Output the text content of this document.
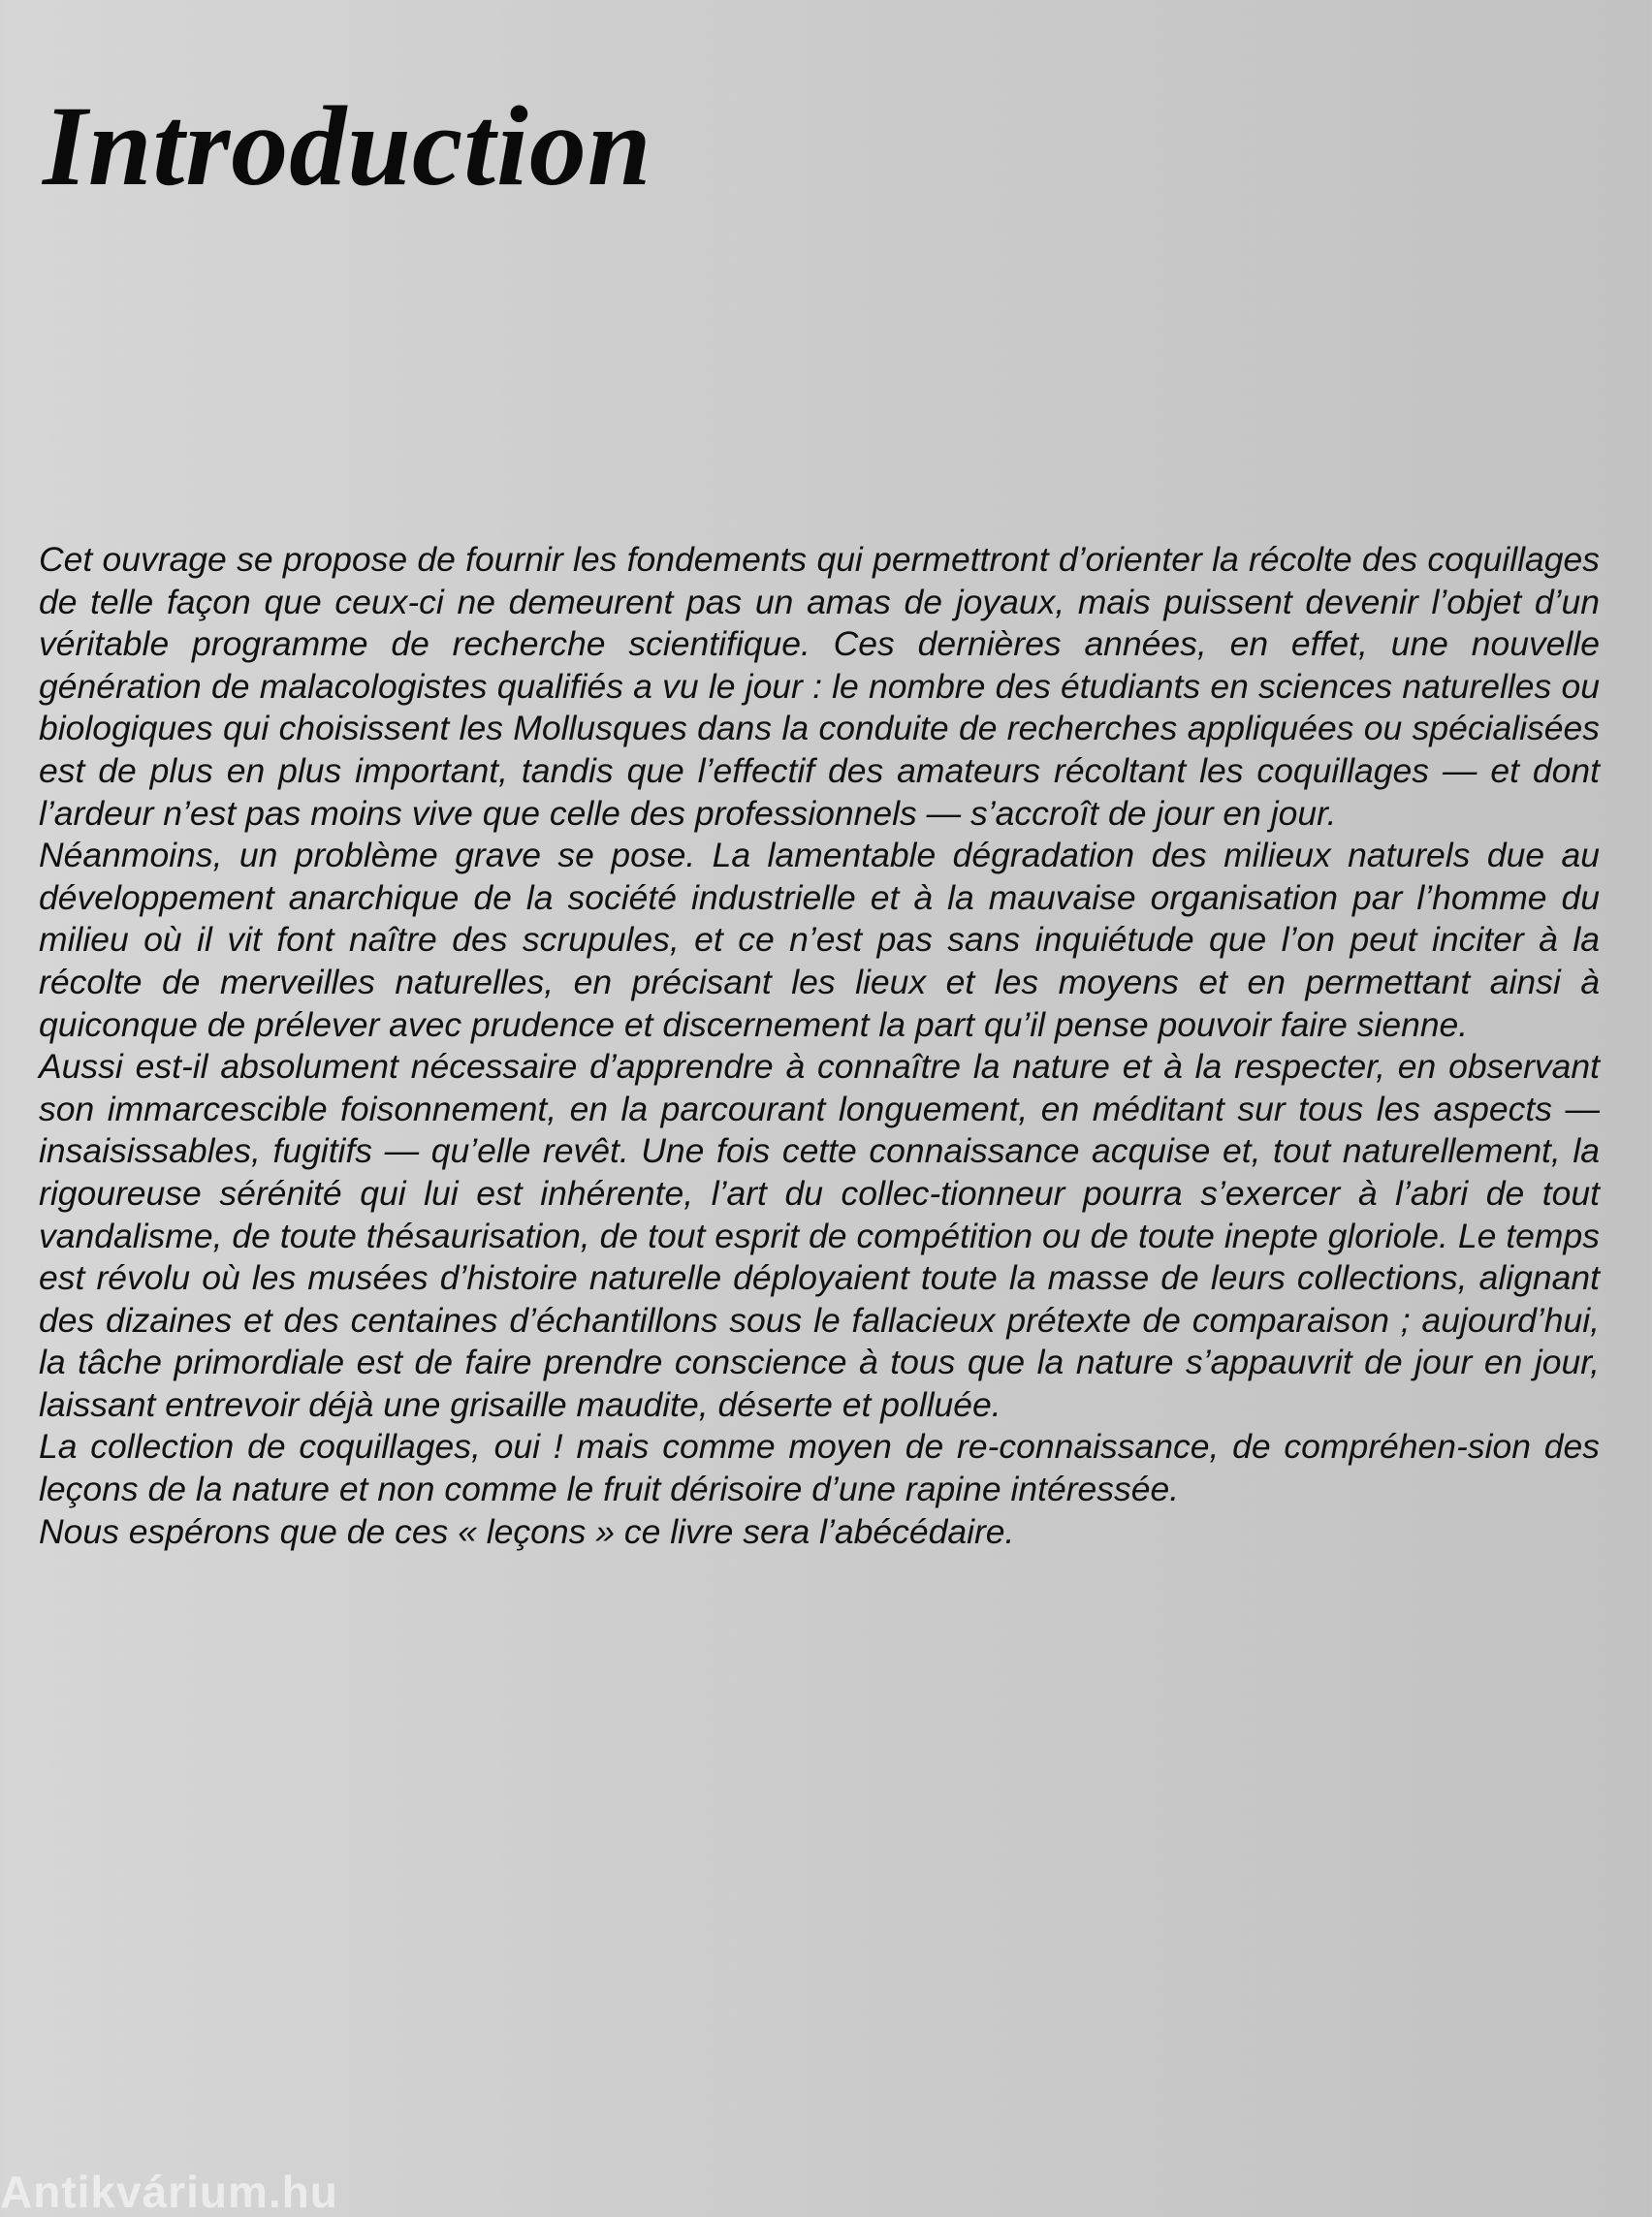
Introduction

Cet ouvrage se propose de fournir les fondements qui permettront d’orienter la récolte des coquillages de telle façon que ceux-ci ne demeurent pas un amas de joyaux, mais puissent devenir l’objet d’un véritable programme de recherche scientifique. Ces dernières années, en effet, une nouvelle génération de malacologistes qualifiés a vu le jour : le nombre des étudiants en sciences naturelles ou biologiques qui choisissent les Mollusques dans la conduite de recherches appliquées ou spécialisées est de plus en plus important, tandis que l’effectif des amateurs récoltant les coquillages — et dont l’ardeur n’est pas moins vive que celle des professionnels — s’accroît de jour en jour.

Néanmoins, un problème grave se pose. La lamentable dégradation des milieux naturels due au développement anarchique de la société industrielle et à la mauvaise organisation par l’homme du milieu où il vit font naître des scrupules, et ce n’est pas sans inquiétude que l’on peut inciter à la récolte de merveilles naturelles, en précisant les lieux et les moyens et en permettant ainsi à quiconque de prélever avec prudence et discernement la part qu’il pense pouvoir faire sienne.

Aussi est-il absolument nécessaire d’apprendre à connaître la nature et à la respecter, en observant son immarcescible foisonnement, en la parcourant longuement, en méditant sur tous les aspects — insaisissables, fugitifs — qu’elle revêt. Une fois cette connaissance acquise et, tout naturellement, la rigoureuse sérénité qui lui est inhérente, l’art du collec-tionneur pourra s’exercer à l’abri de tout vandalisme, de toute thésaurisation, de tout esprit de compétition ou de toute inepte gloriole. Le temps est révolu où les musées d’histoire naturelle déployaient toute la masse de leurs collections, alignant des dizaines et des centaines d’échantillons sous le fallacieux prétexte de comparaison ; aujourd’hui, la tâche primordiale est de faire prendre conscience à tous que la nature s’appauvrit de jour en jour, laissant entrevoir déjà une grisaille maudite, déserte et polluée.

La collection de coquillages, oui ! mais comme moyen de re-connaissance, de compréhen-sion des leçons de la nature et non comme le fruit dérisoire d’une rapine intéressée.

Nous espérons que de ces « leçons » ce livre sera l’abécédaire.

Antikvárium.hu
